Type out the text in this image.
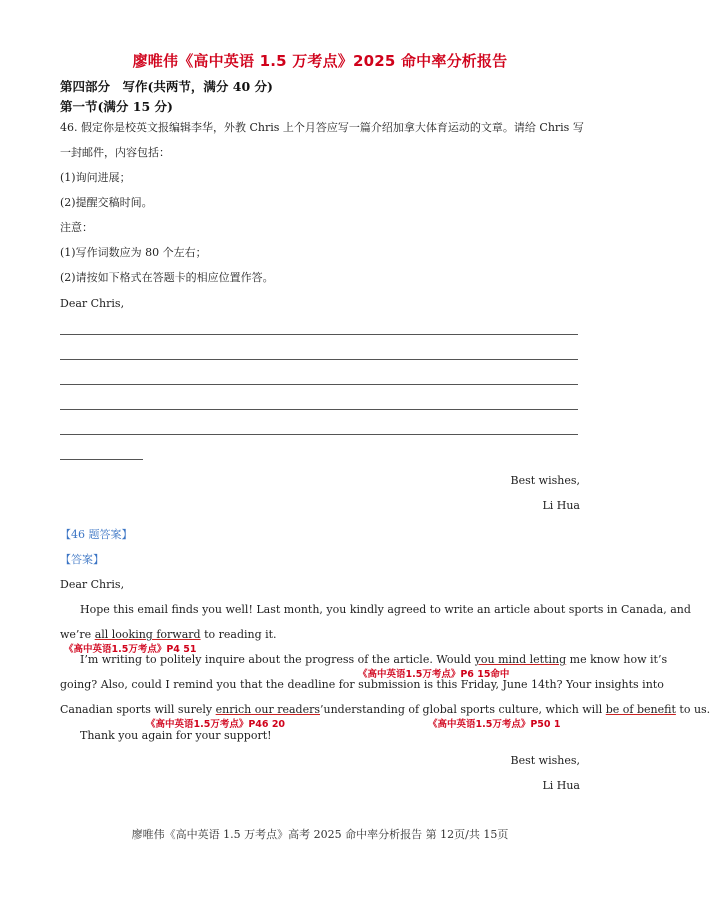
廖唯伟《高中英语 1.5 万考点》2025 命中率分析报告
第四部分　写作(共两节，满分 40 分)
第一节(满分 15 分)
46. 假定你是校英文报编辑李华，外教 Chris 上个月答应写一篇介绍加拿大体育运动的文章。请给 Chris 写
一封邮件，内容包括：
(1)询问进展；
(2)提醒交稿时间。
注意：
(1)写作词数应为 80 个左右；
(2)请按如下格式在答题卡的相应位置作答。
Dear Chris,
Best wishes,
Li Hua
【46 题答案】
【答案】
Dear Chris,
Hope this email finds you well! Last month, you kindly agreed to write an article about sports in Canada, and
we’re all looking forward to reading it.
《高中英语1.5万考点》P4 51
I’m writing to politely inquire about the progress of the article. Would you mind letting me know how it’s
《高中英语1.5万考点》P6 15命中
going? Also, could I remind you that the deadline for submission is this Friday, June 14th? Your insights into
Canadian sports will surely enrich our readers’understanding of global sports culture, which will be of benefit to us.
《高中英语1.5万考点》P46 20	《高中英语1.5万考点》P50 1
Thank you again for your support!
Best wishes,
Li Hua
廖唯伟《高中英语 1.5 万考点》高考 2025 命中率分析报告 第 12页/共 15页
